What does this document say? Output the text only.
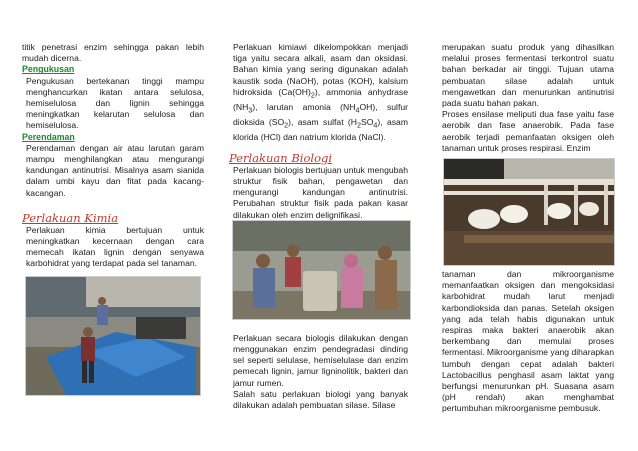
titik penetrasi enzim sehingga pakan lebih mudah dicerna.

Pengukusan

Pengukusan bertekanan tinggi mampu menghancurkan ikatan antara selulosa, hemiselulosa dan lignin sehingga meningkatkan kelarutan selulosa dan hemiselulosa.

Perendaman

Perendaman dengan air atau larutan garam mampu menghilangkan atau mengurangi kandungan antinutrisi. Misalnya asam sianida dalam umbi kayu dan fitat pada kacang-kacangan.

Perlakuan Kimia

Perlakuan kimia bertujuan untuk meningkatkan kecernaan dengan cara memecah ikatan lignin dengan senyawa karbohidrat yang terdapat pada sel tanaman.

Perlakuan kimiawi dikelompokkan menjadi tiga yaitu secara alkali, asam dan oksidasi. Bahan kimia yang sering digunakan adalah kaustik soda (NaOH), potas (KOH), kalsium hidroksida $(Ca(OH)_2)$, ammonia anhydrase $(NH_3)$, larutan amonia $(NH_4OH)$, sulfur dioksida $(SO_2)$, asam sulfat $(H_2SO_4)$, asam klorida (HCl) dan natrium klorida (NaCl).

Perlakuan Biologi

Perlakuan biologis bertujuan untuk mengubah struktur fisik bahan, pengawetan dan mengurangi kandungan antinutrisi. Perubahan struktur fisik pada pakan kasar dilakukan oleh enzim delignifikasi.

Perlakuan secara biologis dilakukan dengan menggunakan enzim pendegradasi dinding sel seperti selulase, hemiselulase dan enzim pemecah lignin, jamur ligninolitik, bakteri dan jamur rumen.

Salah satu perlakuan biologi yang banyak dilakukan adalah pembuatan silase. Silase

merupakan suatu produk yang dihasilkan melalui proses fermentasi terkontrol suatu bahan berkadar air tinggi. Tujuan utama pembuatan silase adalah untuk mengawetkan dan menurunkan antinutrisi pada suatu bahan pakan.

Proses ensilase meliputi dua fase yaitu fase aerobik dan fase anaerobik. Pada fase aerobik terjadi pemanfaatan oksigen oleh tanaman untuk proses respirasi. Enzim

tanaman dan mikroorganisme memanfaatkan oksigen dan mengoksidasi karbohidrat mudah larut menjadi karbondioksida dan panas. Setelah oksigen yang ada telah habis digunakan untuk respiras maka bakteri anaerobik akan berkembang dan memulai proses fermentasi. Mikroorganisme yang diharapkan tumbuh dengan cepat adalah bakteri Lactobacillus penghasil asam laktat yang berfungsi menurunkan pH. Suasana asam (pH rendah) akan menghambat pertumbuhan mikroorganisme pembusuk.
